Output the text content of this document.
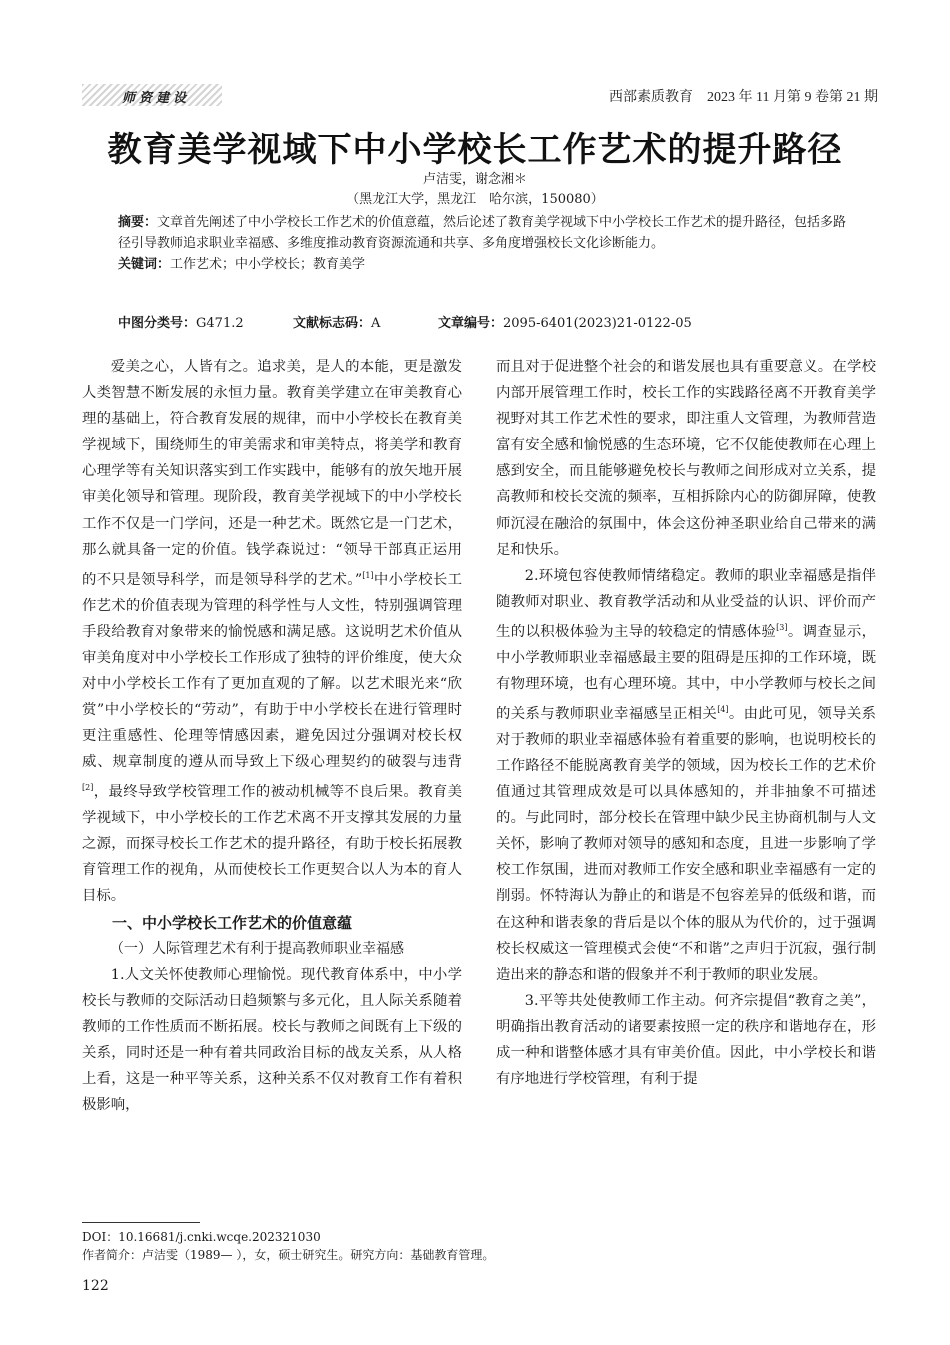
师资建设	西部素质教育　2023 年 11 月第 9 卷第 21 期
教育美学视域下中小学校长工作艺术的提升路径
卢洁雯，谢念湘＊
（黑龙江大学，黑龙江　哈尔滨，150080）
摘要：文章首先阐述了中小学校长工作艺术的价值意蕴，然后论述了教育美学视域下中小学校长工作艺术的提升路径，包括多路径引导教师追求职业幸福感、多维度推动教育资源流通和共享、多角度增强校长文化诊断能力。
关键词：工作艺术；中小学校长；教育美学
中图分类号：G471.2	文献标志码：A	文章编号：2095-6401(2023)21-0122-05

爱美之心，人皆有之。追求美，是人的本能，更是激发人类智慧不断发展的永恒力量。教育美学建立在审美教育心理的基础上，符合教育发展的规律，而中小学校长在教育美学视域下，围绕师生的审美需求和审美特点，将美学和教育心理学等有关知识落实到工作实践中，能够有的放矢地开展审美化领导和管理。现阶段，教育美学视域下的中小学校长工作不仅是一门学问，还是一种艺术。既然它是一门艺术，那么就具备一定的价值。钱学森说过：“领导干部真正运用的不只是领导科学，而是领导科学的艺术。”[1]中小学校长工作艺术的价值表现为管理的科学性与人文性，特别强调管理手段给教育对象带来的愉悦感和满足感。这说明艺术价值从审美角度对中小学校长工作形成了独特的评价维度，使大众对中小学校长工作有了更加直观的了解。以艺术眼光来“欣赏”中小学校长的“劳动”，有助于中小学校长在进行管理时更注重感性、伦理等情感因素，避免因过分强调对校长权威、规章制度的遵从而导致上下级心理契约的破裂与违背[2]，最终导致学校管理工作的被动机械等不良后果。教育美学视域下，中小学校长的工作艺术离不开支撑其发展的力量之源，而探寻校长工作艺术的提升路径，有助于校长拓展教育管理工作的视角，从而使校长工作更契合以人为本的育人目标。

一、中小学校长工作艺术的价值意蕴
（一）人际管理艺术有利于提高教师职业幸福感

1.人文关怀使教师心理愉悦。现代教育体系中，中小学校长与教师的交际活动日趋频繁与多元化，且人际关系随着教师的工作性质而不断拓展。校长与教师之间既有上下级的关系，同时还是一种有着共同政治目标的战友关系，从人格上看，这是一种平等关系，这种关系不仅对教育工作有着积极影响，

而且对于促进整个社会的和谐发展也具有重要意义。在学校内部开展管理工作时，校长工作的实践路径离不开教育美学视野对其工作艺术性的要求，即注重人文管理，为教师营造富有安全感和愉悦感的生态环境，它不仅能使教师在心理上感到安全，而且能够避免校长与教师之间形成对立关系，提高教师和校长交流的频率，互相拆除内心的防御屏障，使教师沉浸在融洽的氛围中，体会这份神圣职业给自己带来的满足和快乐。

2.环境包容使教师情绪稳定。教师的职业幸福感是指伴随教师对职业、教育教学活动和从业受益的认识、评价而产生的以积极体验为主导的较稳定的情感体验[3]。调查显示，中小学教师职业幸福感最主要的阻碍是压抑的工作环境，既有物理环境，也有心理环境。其中，中小学教师与校长之间的关系与教师职业幸福感呈正相关[4]。由此可见，领导关系对于教师的职业幸福感体验有着重要的影响，也说明校长的工作路径不能脱离教育美学的领域，因为校长工作的艺术价值通过其管理成效是可以具体感知的，并非抽象不可描述的。与此同时，部分校长在管理中缺少民主协商机制与人文关怀，影响了教师对领导的感知和态度，且进一步影响了学校工作氛围，进而对教师工作安全感和职业幸福感有一定的削弱。怀特海认为静止的和谐是不包容差异的低级和谐，而在这种和谐表象的背后是以个体的服从为代价的，过于强调校长权威这一管理模式会使“不和谐”之声归于沉寂，强行制造出来的静态和谐的假象并不利于教师的职业发展。

3.平等共处使教师工作主动。何齐宗提倡“教育之美”，明确指出教育活动的诸要素按照一定的秩序和谐地存在，形成一种和谐整体感才具有审美价值。因此，中小学校长和谐有序地进行学校管理，有利于提

DOI：10.16681/j.cnki.wcqe.202321030
作者简介：卢洁雯（1989— ），女，硕士研究生。研究方向：基础教育管理。
122
